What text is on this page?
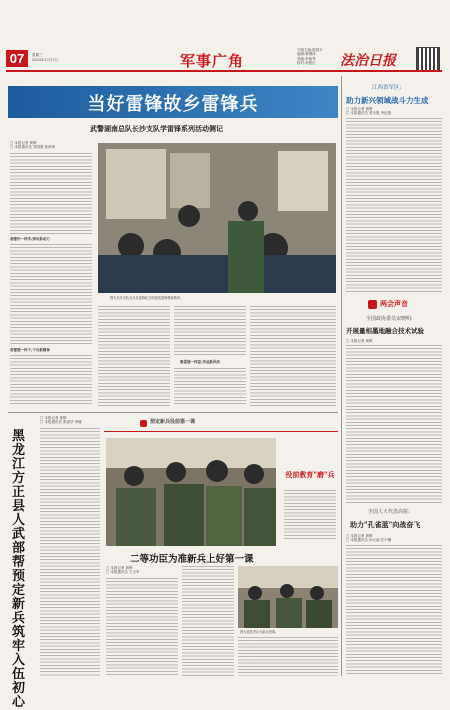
07	星期三
2024年1月17日	军事广角
专版主编:陈国平
编辑:黄柳萍
美编:李艳琴
校对:李惠红	法治日报
当好雷锋故乡雷锋兵
武警湖南总队长沙支队学雷锋系列活动侧记
□ 本报记者 黄辉
□ 本报通讯员 郑国强 张琦琦
春蕾怀一样学,弹出新动力
春蕾德一样干,干出新精神
图为长沙支队官兵在雷锋纪念馆接受雷锋精神教育。
集雷德一样爱,传运新风尚
江西省军区:
助力新兴领域战斗力生成
□ 本报记者 黄辉
□ 本报通讯员 曾永胜 李征瑞
两会声音
全国政协委员宋晓明:
开展量相墨地融合技术试验
□ 本报记者 黄辉
全国人大代表高锐:
助力"孔雀蓝"向战奋飞
□ 本报记者 黄辉
□ 本报通讯员 孙元福 任宇骥
□ 本报记者 黄辉
□ 本报通讯员 张丽华 李娜
黑龙江方正县人武部帮预定新兵筑牢入伍初心
预定新兵役前第一课
役前教育"磨"兵
二等功臣为准新兵上好第一课
□ 本报记者 黄辉
□ 本报通讯员 王吉军
图为退役老兵为新兵授课。
